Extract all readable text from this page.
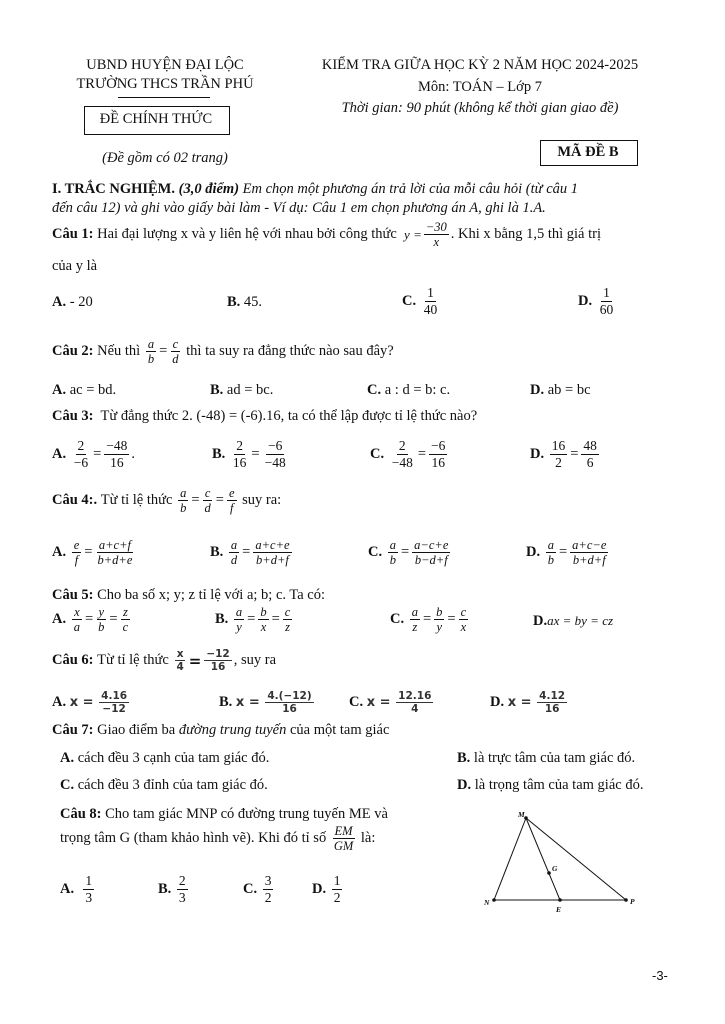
UBND HUYỆN ĐẠI LỘC
TRƯỜNG THCS TRẦN PHÚ
ĐỀ CHÍNH THỨC
(Đề gồm có 02 trang)
KIỂM TRA GIỮA HỌC KỲ 2 NĂM HỌC 2024-2025
Môn: TOÁN – Lớp 7
Thời gian: 90 phút (không kể thời gian giao đề)
MÃ ĐỀ B
I. TRẮC NGHIỆM. (3,0 điểm) Em chọn một phương án trả lời của mỗi câu hỏi (từ câu 1
đến câu 12) và ghi vào giấy bài làm - Ví dụ: Câu 1 em chọn phương án A, ghi là 1.A.
Câu 1:
Hai đại lượng x và y liên hệ với nhau bởi công thức
$y = \frac{-30}{x}$ . Khi x bằng 1,5 thì giá trị
của y là
A. - 20	B. 45.	C.
$\frac{1}{40}$	D.
$\frac{1}{60}$
Câu 2:
Nếu thì
$\frac{a}{b} = \frac{c}{d}$
thì ta suy ra đẳng thức nào sau đây?
A. ac = bd.	B. ad = bc.	C. a : d = b: c.	D. ab = bc
Câu 3: Từ đẳng thức 2. (-48) = (-6).16, ta có thể lập được tỉ lệ thức nào?
A.
$\frac{2}{-6} = \frac{-48}{16}$ .	B.
$\frac{2}{16} = \frac{-6}{-48}$	C.
$\frac{2}{-48} = \frac{-6}{16}$	D.
$\frac{16}{2} = \frac{48}{6}$
Câu 4:.
Từ tỉ lệ thức
$\frac{a}{b} = \frac{c}{d} = \frac{e}{f}$
suy ra:
A.
$\frac{e}{f} = \frac{a+c+f}{b+d+e}$	B.
$\frac{a}{d} = \frac{a+c+e}{b+d+f}$	C.
$\frac{a}{b} = \frac{a-c+e}{b-d+f}$	D.
$\frac{a}{b} = \frac{a+c-e}{b+d+f}$
Câu 5: Cho ba số x; y; z tỉ lệ với a; b; c. Ta có:
A.
$\frac{x}{a} = \frac{y}{b} = \frac{z}{c}$	B.
$\frac{a}{y} = \frac{b}{x} = \frac{c}{z}$	C.
$\frac{a}{z} = \frac{b}{y} = \frac{c}{x}$	D.ax = by = cz
Câu 6:
Từ tỉ lệ thức
$\frac{x}{4} = \frac{-12}{16}$ , suy ra
A.
x =
$\frac{4.16}{-12}$	B.
x =
$\frac{4.(-12)}{16} C$.
x =
$\frac{12.16}{4}$	D.
x =
$\frac{4.12}{16}$
Câu 7: Giao điểm ba đường trung tuyến của một tam giác
A. cách đều 3 cạnh của tam giác đó.	B. là trực tâm của tam giác đó.
C. cách đều 3 đỉnh của tam giác đó.	D. là trọng tâm của tam giác đó.
Câu 8: Cho tam giác MNP có đường trung tuyến ME và
trọng tâm G (tham khảo hình vẽ). Khi đó tỉ số
$\frac{EM}{GM}$
là:
A.
$\frac{1}{3}$	B.
$\frac{2}{3}$	C.
$\frac{3}{2}$	D.
$\frac{1}{2}$
M
N	P
E
G
-3-
